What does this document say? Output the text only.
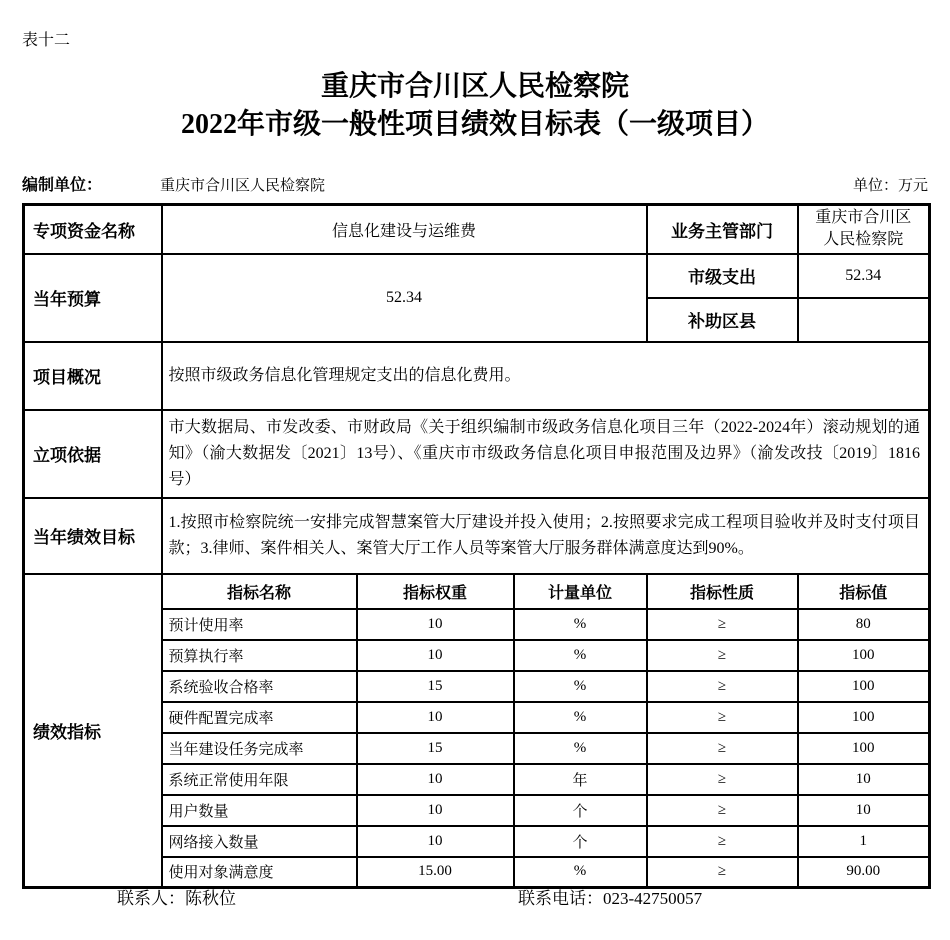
表十二
重庆市合川区人民检察院
2022年市级一般性项目绩效目标表（一级项目）
编制单位：	重庆市合川区人民检察院	单位：万元
专项资金名称	信息化建设与运维费			业务主管部门	重庆市合川区人民检察院

当年预算	52.34			市级支出	52.34
				补助区县	
项目概况	按照市级政务信息化管理规定支出的信息化费用。				
立项依据	市大数据局、市发改委、市财政局《关于组织编制市级政务信息化项目三年（2022-2024年）滚动规划的通知》（渝大数据发〔2021〕13号）、《重庆市市级政务信息化项目申报范围及边界》（渝发改技〔2019〕1816号）				
当年绩效目标	1.按照市检察院统一安排完成智慧案管大厅建设并投入使用；2.按照要求完成工程项目验收并及时支付项目款；3.律师、案件相关人、案管大厅工作人员等案管大厅服务群体满意度达到90%。				
绩效指标	指标名称	指标权重	计量单位	指标性质	指标值
	预计使用率	10	%	≥	80
	预算执行率	10	%	≥	100
	系统验收合格率	15	%	≥	100
	硬件配置完成率	10	%	≥	100
	当年建设任务完成率	15	%	≥	100
	系统正常使用年限	10	年	≥	10
	用户数量	10	个	≥	10
	网络接入数量	10	个	≥	1
	使用对象满意度	15.00	%	≥	90.00
联系人：陈秋位	联系电话：023-42750057
